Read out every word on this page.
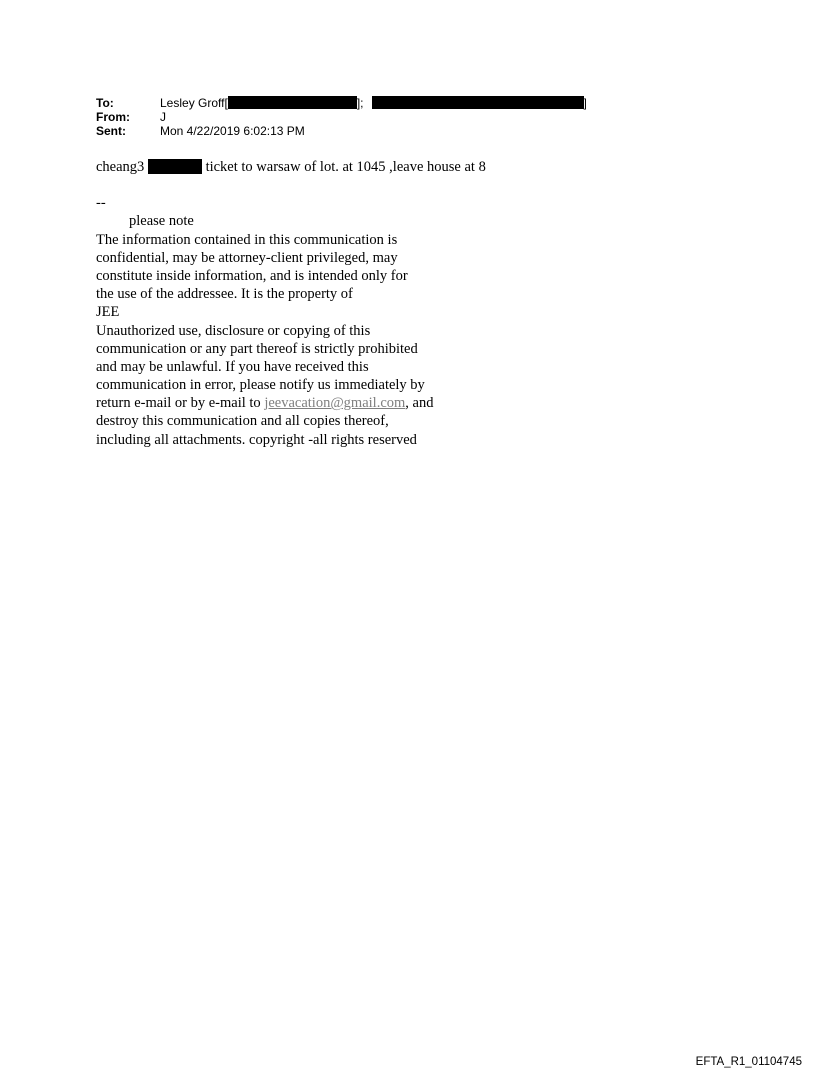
To:	Lesley Groff[	];	]
From:	J
Sent:	Mon 4/22/2019 6:02:13 PM
cheang3	ticket to warsaw of lot. at 1045 ,leave house at 8
--
please note
The information contained in this communication is
confidential, may be attorney-client privileged, may
constitute inside information, and is intended only for
the use of the addressee. It is the property of
JEE
Unauthorized use, disclosure or copying of this
communication or any part thereof is strictly prohibited
and may be unlawful. If you have received this
communication in error, please notify us immediately by
return e-mail or by e-mail to jeevacation@gmail.com, and
destroy this communication and all copies thereof,
including all attachments. copyright -all rights reserved
EFTA_R1_01104745
